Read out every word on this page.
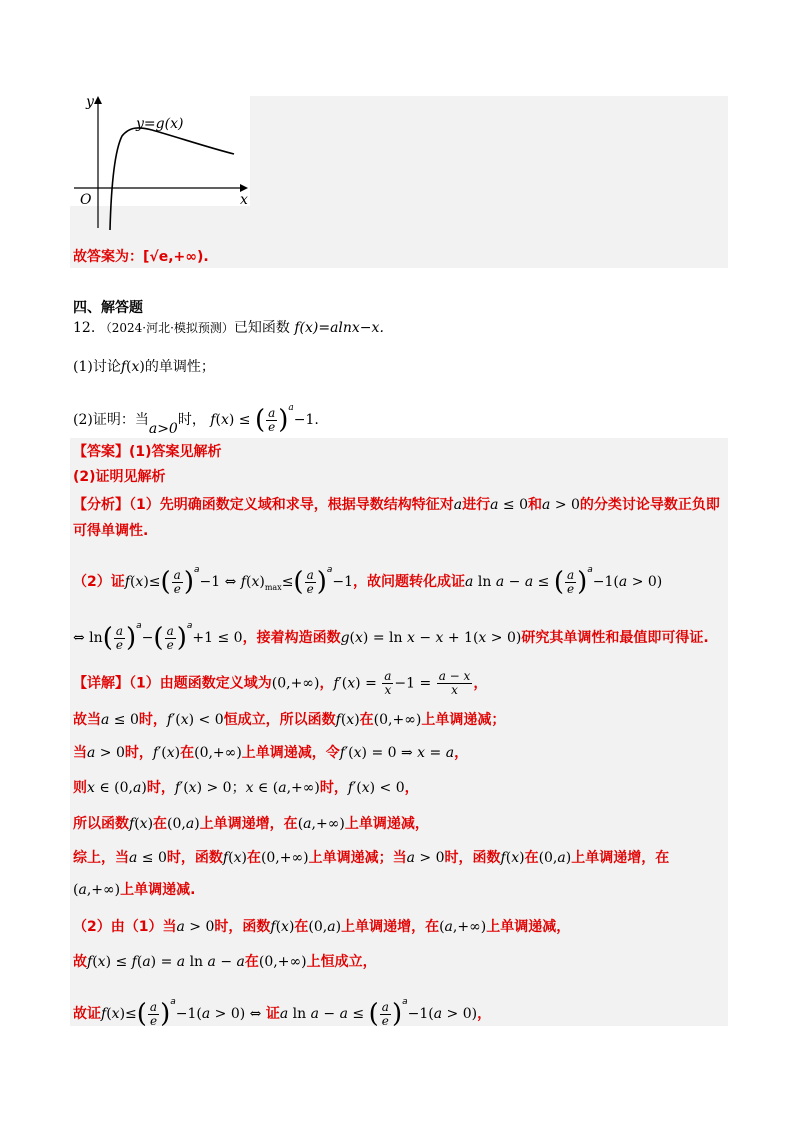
y
x
O
y=g(x)
故答案为：[√e,+∞).
四、解答题
12. （2024·河北·模拟预测）已知函数 f(x)=alnx−x.
(1)讨论f(x)的单调性；
(2)证明：当a>0时， f(x) ≤ ( $\frac{a}{e} )^a-1$.
【答案】(1)答案见解析
(2)证明见解析
【分析】（1）先明确函数定义域和求导，根据导数结构特征对a进行a ≤ 0和a > 0的分类讨论导数正负即
可得单调性.
（2）证$f(x)\le( \frac{a}{e} )^a-1$ ⇔ $f(x)_{max}\le( \frac{a}{e} )^a-1$，故问题转化成证a ln a − a ≤ ( $\frac{a}{e} )^a-1(a > 0)$
⇔ $\ln( \frac{a}{e} )^a-( \frac{a}{e} )^a+1 \le 0$，接着构造函数g(x) = ln x − x + 1(x > 0)研究其单调性和最值即可得证.
【详解】（1）由题函数定义域为(0,+∞)，$f'(x) = \frac{a}{x} -1 = \frac{a - x}{x}$ ，
故当a ≤ 0时，f′(x) < 0恒成立，所以函数f(x)在(0,+∞)上单调递减；
当a > 0时，f′(x)在(0,+∞)上单调递减，令f′(x) = 0 ⇒ x = a，
则x ∈ (0,a)时，f′(x) > 0；x ∈ (a,+∞)时，f′(x) < 0，
所以函数f(x)在(0,a)上单调递增，在(a,+∞)上单调递减，
综上，当a ≤ 0时，函数f(x)在(0,+∞)上单调递减；当a > 0时，函数f(x)在(0,a)上单调递增，在
(a,+∞)上单调递减.
（2）由（1）当a > 0时，函数f(x)在(0,a)上单调递增，在(a,+∞)上单调递减，
故f(x) ≤ f(a) = a ln a − a在(0,+∞)上恒成立，
故证$f(x)\le( \frac{a}{e} )^a-1(a > 0)$ ⇔ 证a ln a − a ≤ ( $\frac{a}{e} )^a-1(a > 0)$，
